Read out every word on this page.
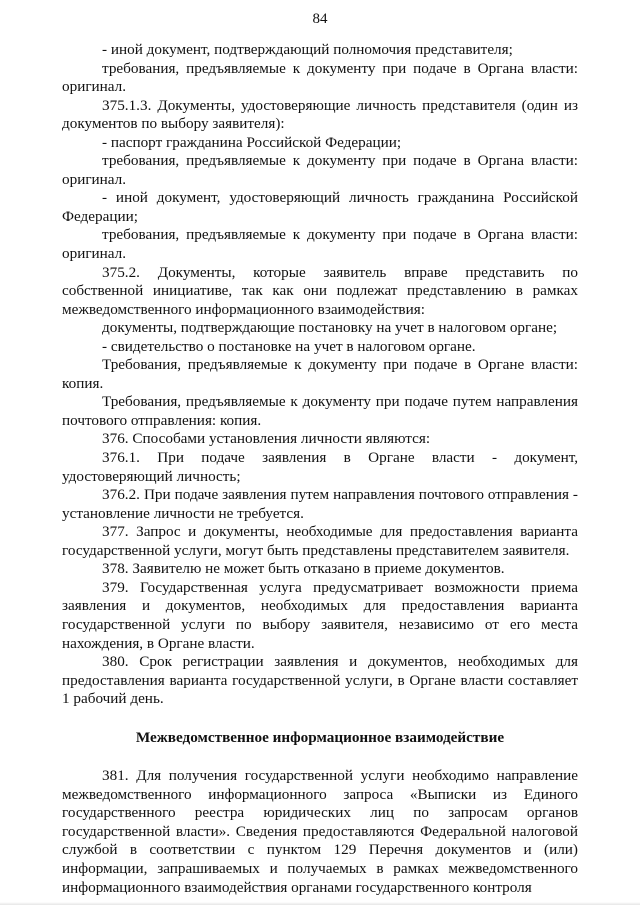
84

- иной документ, подтверждающий полномочия представителя;

требования, предъявляемые к документу при подаче в Органа власти: оригинал.

375.1.3. Документы, удостоверяющие личность представителя (один из документов по выбору заявителя):

- паспорт гражданина Российской Федерации;

требования, предъявляемые к документу при подаче в Органа власти: оригинал.

- иной документ, удостоверяющий личность гражданина Российской Федерации;

требования, предъявляемые к документу при подаче в Органа власти: оригинал.

375.2. Документы, которые заявитель вправе представить по собственной инициативе, так как они подлежат представлению в рамках межведомственного информационного взаимодействия:

документы, подтверждающие постановку на учет в налоговом органе;

- свидетельство о постановке на учет в налоговом органе.

Требования, предъявляемые к документу при подаче в Органе власти: копия.

Требования, предъявляемые к документу при подаче путем направления почтового отправления: копия.

376. Способами установления личности являются:

376.1. При подаче заявления в Органе власти - документ, удостоверяющий личность;

376.2. При подаче заявления путем направления почтового отправления - установление личности не требуется.

377. Запрос и документы, необходимые для предоставления варианта государственной услуги, могут быть представлены представителем заявителя.

378. Заявителю не может быть отказано в приеме документов.

379. Государственная услуга предусматривает возможности приема заявления и документов, необходимых для предоставления варианта государственной услуги по выбору заявителя, независимо от его места нахождения, в Органе власти.

380. Срок регистрации заявления и документов, необходимых для предоставления варианта государственной услуги, в Органе власти составляет 1 рабочий день.

Межведомственное информационное взаимодействие

381. Для получения государственной услуги необходимо направление межведомственного информационного запроса «Выписки из Единого государственного реестра юридических лиц по запросам органов государственной власти». Сведения предоставляются Федеральной налоговой службой в соответствии с пунктом 129 Перечня документов и (или) информации, запрашиваемых и получаемых в рамках межведомственного информационного взаимодействия органами государственного контроля
